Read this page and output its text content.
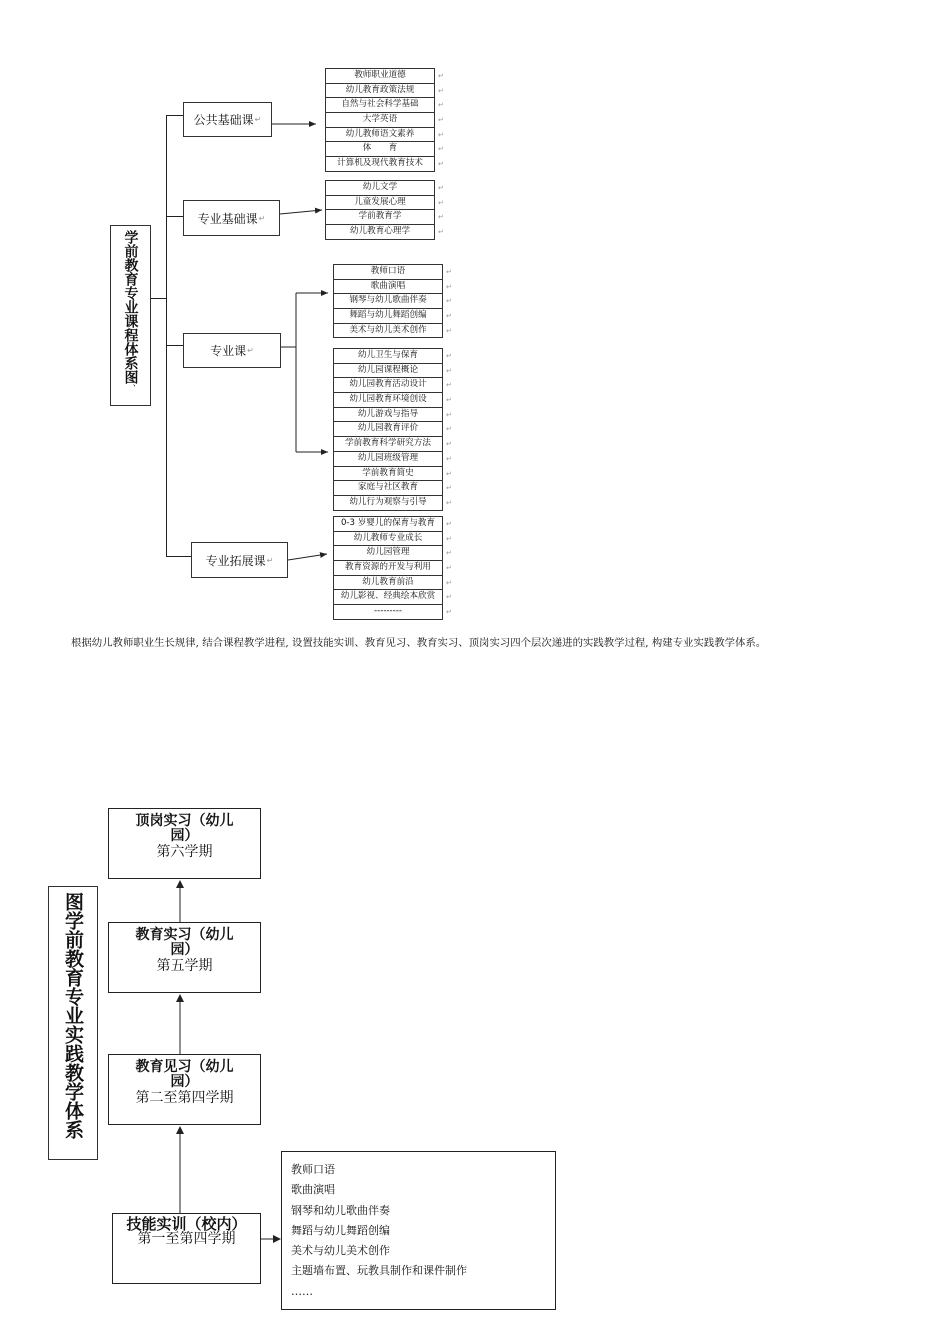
学前教育专业课程体系图
、
公共基础课 ↵
专业基础课 ↵
专业课 ↵
专业拓展课 ↵
教师职业道德	↵
幼儿教育政策法规	↵
自然与社会科学基础	↵
大学英语	↵
幼儿教师语文素养	↵
体　　育	↵
计算机及现代教育技术 ↵
幼儿文学	↵
儿童发展心理	↵
学前教育学	↵
幼儿教育心理学	↵
教师口语	↵
歌曲演唱	↵
钢琴与幼儿歌曲伴奏	↵
舞蹈与幼儿舞蹈创编	↵
美术与幼儿美术创作	↵
幼儿卫生与保育	↵
幼儿园课程概论	↵
幼儿园教育活动设计	↵
幼儿园教育环境创设	↵
幼儿游戏与指导	↵
幼儿园教育评价	↵
学前教育科学研究方法 ↵
幼儿园班级管理	↵
学前教育简史	↵
家庭与社区教育	↵
幼儿行为观察与引导	↵
0-3 岁婴儿的保育与教育 ↵
幼儿教师专业成长	↵
幼儿园管理	↵
教育资源的开发与利用 ↵
幼儿教育前沿	↵
幼儿影视、经典绘本欣赏 ↵
---------	↵
根据幼儿教师职业生长规律, 结合课程教学进程, 设置技能实训、教育见习、教育实习、顶岗实习四个层次递进的实践教学过程, 构建专业实践教学体系。
图学前教育专业实践教学体系
顶岗实习（幼儿园）
第六学期
教育实习（幼儿园）
第五学期
教育见习（幼儿园）
第二至第四学期
技能实训（校内）
第一至第四学期
教师口语
歌曲演唱
钢琴和幼儿歌曲伴奏
舞蹈与幼儿舞蹈创编
美术与幼儿美术创作
主题墙布置、玩教具制作和课件制作
……
